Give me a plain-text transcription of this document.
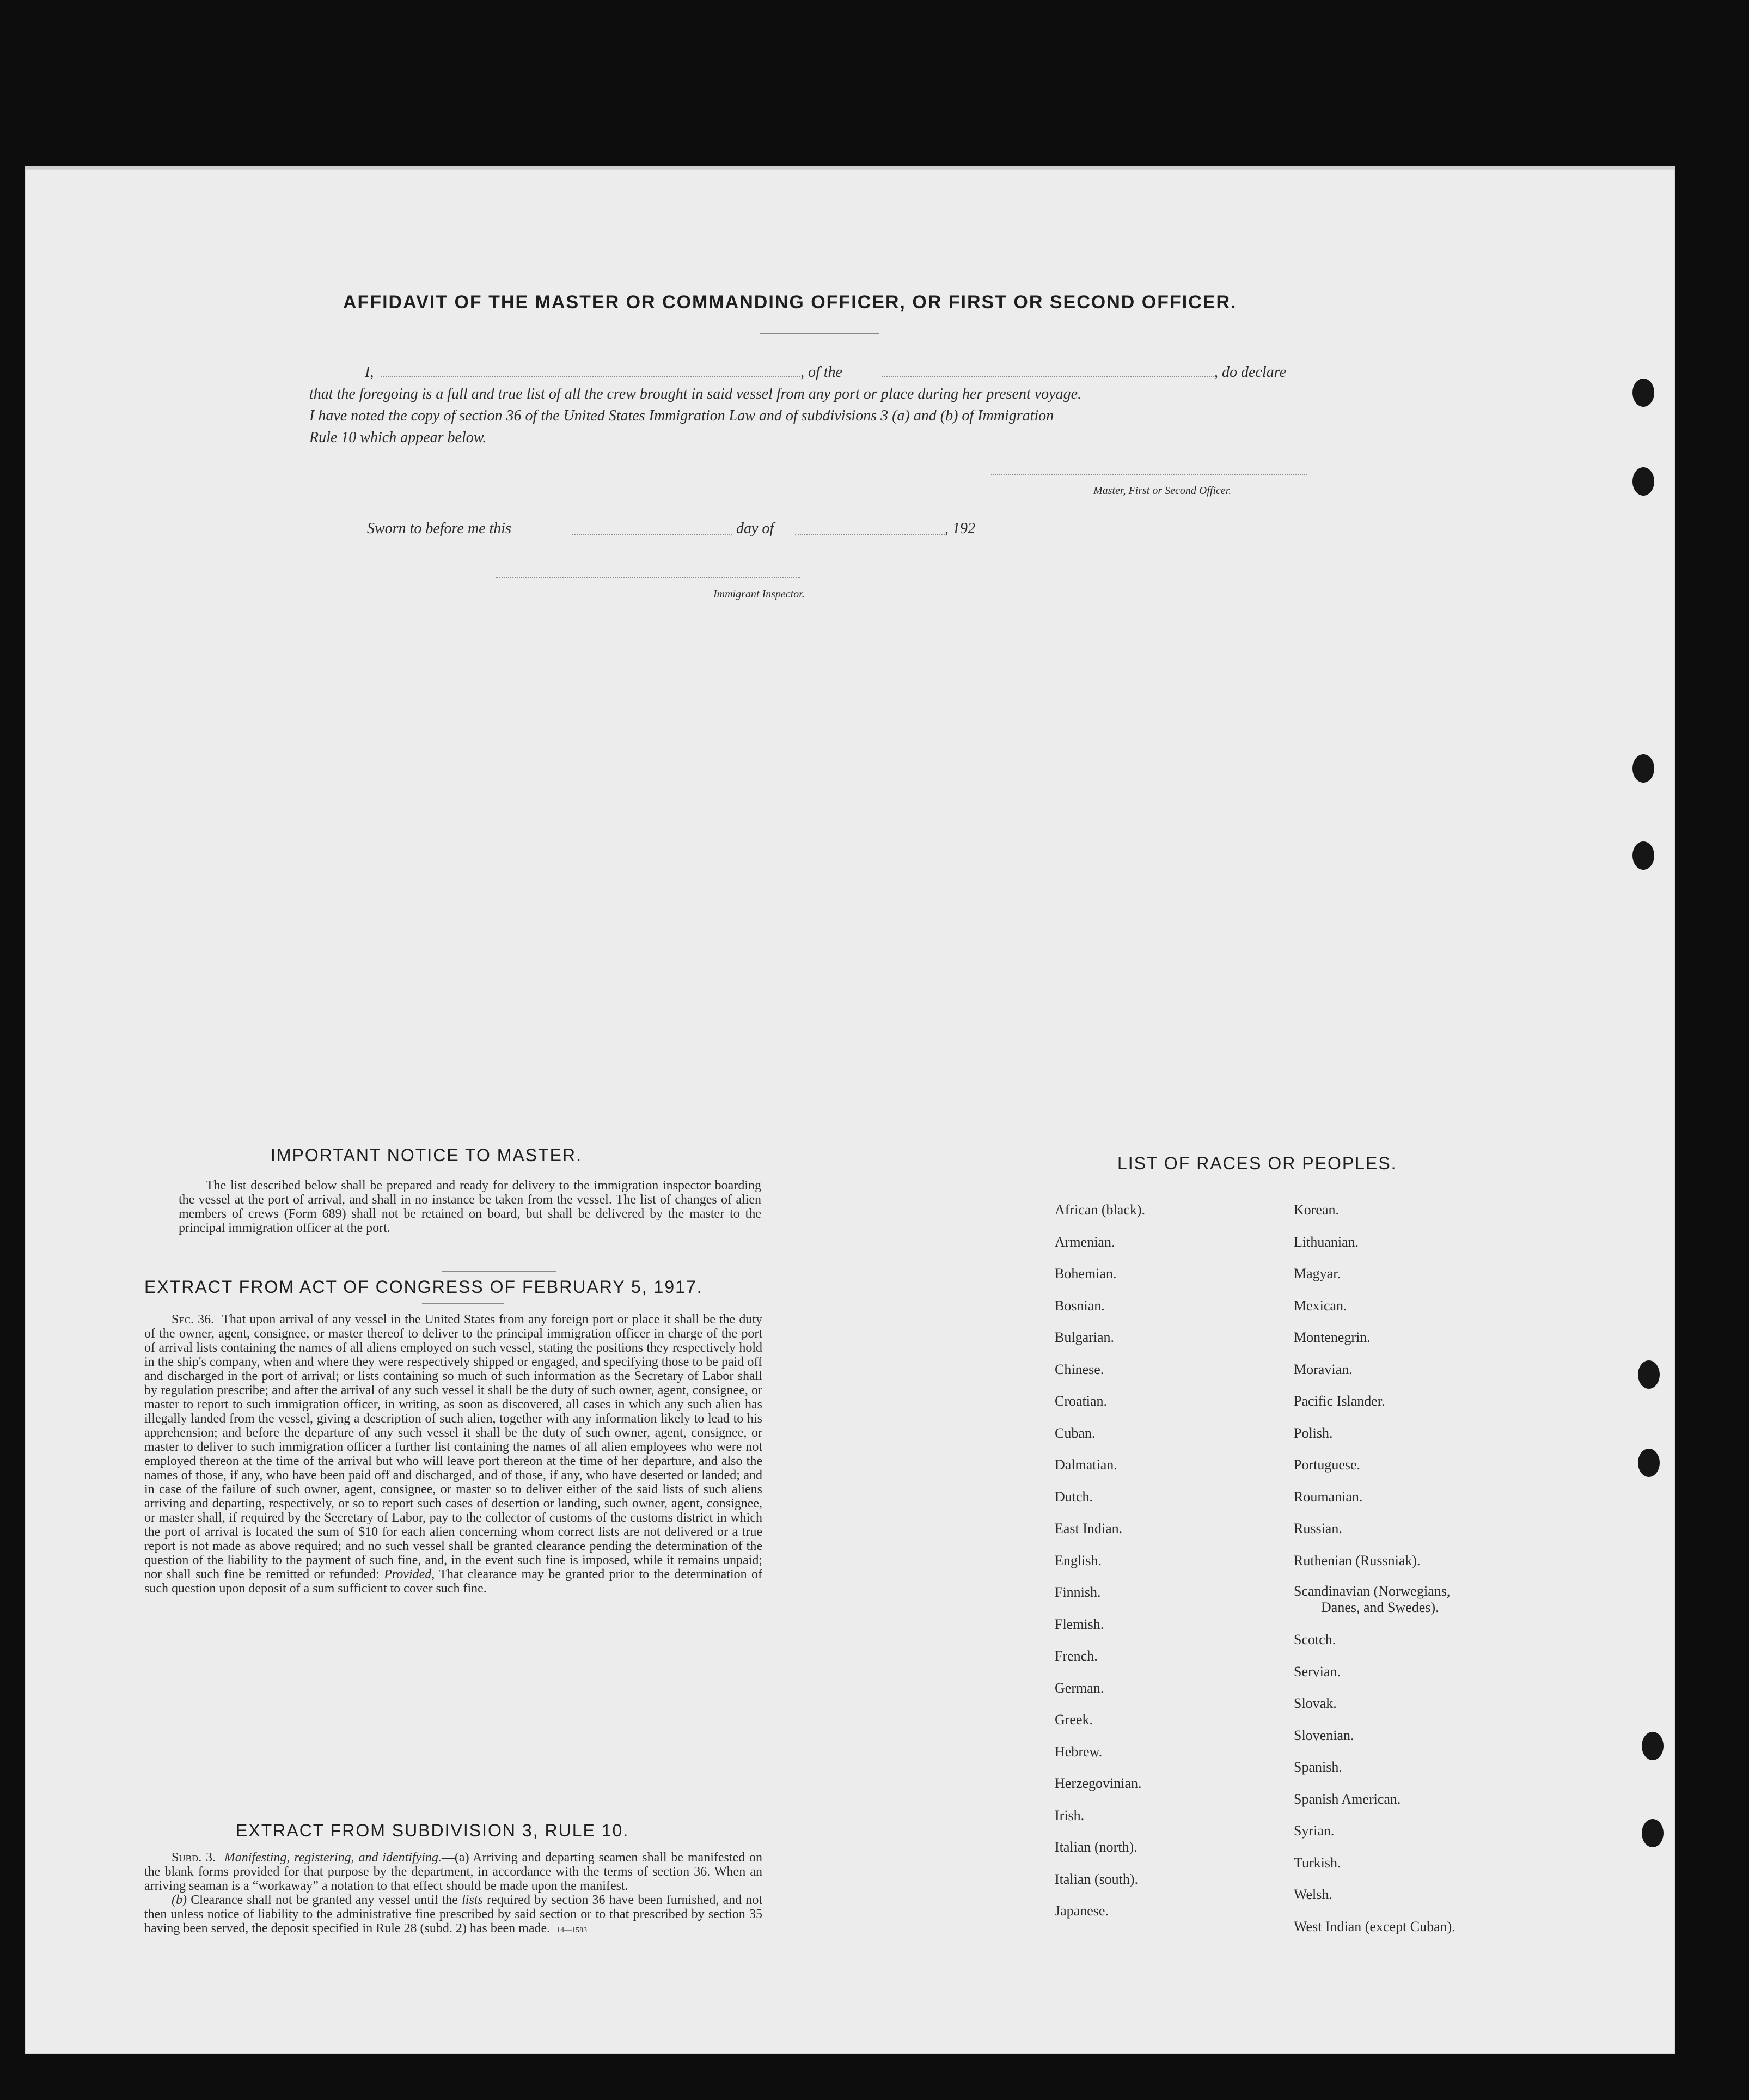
AFFIDAVIT OF THE MASTER OR COMMANDING OFFICER, OR FIRST OR SECOND OFFICER.
I,	, of the	, do declare
that the foregoing is a full and true list of all the crew brought in said vessel from any port or place during her present voyage.
I have noted the copy of section 36 of the United States Immigration Law and of subdivisions 3 (a) and (b) of Immigration
Rule 10 which appear below.
Master, First or Second Officer.
Sworn to before me this	day of	, 192
Immigrant Inspector.
IMPORTANT NOTICE TO MASTER.

The list described below shall be prepared and ready for delivery to the immigration inspector boarding the vessel at the port of arrival, and shall in no instance be taken from the vessel. The list of changes of alien members of crews (Form 689) shall not be retained on board, but shall be delivered by the master to the principal immigration officer at the port.

EXTRACT FROM ACT OF CONGRESS OF FEBRUARY 5, 1917.

Sec. 36. That upon arrival of any vessel in the United States from any foreign port or place it shall be the duty of the owner, agent, consignee, or master thereof to deliver to the principal immigration officer in charge of the port of arrival lists containing the names of all aliens employed on such vessel, stating the positions they respectively hold in the ship's company, when and where they were respectively shipped or engaged, and specifying those to be paid off and discharged in the port of arrival; or lists containing so much of such information as the Secretary of Labor shall by regulation prescribe; and after the arrival of any such vessel it shall be the duty of such owner, agent, consignee, or master to report to such immigration officer, in writing, as soon as discovered, all cases in which any such alien has illegally landed from the vessel, giving a description of such alien, together with any information likely to lead to his apprehension; and before the departure of any such vessel it shall be the duty of such owner, agent, consignee, or master to deliver to such immigration officer a further list containing the names of all alien employees who were not employed thereon at the time of the arrival but who will leave port thereon at the time of her departure, and also the names of those, if any, who have been paid off and discharged, and of those, if any, who have deserted or landed; and in case of the failure of such owner, agent, consignee, or master so to deliver either of the said lists of such aliens arriving and departing, respectively, or so to report such cases of desertion or landing, such owner, agent, consignee, or master shall, if required by the Secretary of Labor, pay to the collector of customs of the customs district in which the port of arrival is located the sum of $10 for each alien concerning whom correct lists are not delivered or a true report is not made as above required; and no such vessel shall be granted clearance pending the determination of the question of the liability to the payment of such fine, and, in the event such fine is imposed, while it remains unpaid; nor shall such fine be remitted or refunded: Provided, That clearance may be granted prior to the determination of such question upon deposit of a sum sufficient to cover such fine.

EXTRACT FROM SUBDIVISION 3, RULE 10.

Subd. 3. Manifesting, registering, and identifying.—(a) Arriving and departing seamen shall be manifested on the blank forms provided for that purpose by the department, in accordance with the terms of section 36. When an arriving seaman is a “workaway” a notation to that effect should be made upon the manifest.

(b) Clearance shall not be granted any vessel until the lists required by section 36 have been furnished, and not then unless notice of liability to the administrative fine prescribed by said section or to that prescribed by section 35 having been served, the deposit specified in Rule 28 (subd. 2) has been made. 14—1583

LIST OF RACES OR PEOPLES.
African (black).
Armenian.
Bohemian.
Bosnian.
Bulgarian.
Chinese.
Croatian.
Cuban.
Dalmatian.
Dutch.
East Indian.
English.
Finnish.
Flemish.
French.
German.
Greek.
Hebrew.
Herzegovinian.
Irish.
Italian (north).
Italian (south).
Japanese.
Korean.
Lithuanian.
Magyar.
Mexican.
Montenegrin.
Moravian.
Pacific Islander.
Polish.
Portuguese.
Roumanian.
Russian.
Ruthenian (Russniak).
Scandinavian (Norwegians,
Danes, and Swedes).
Scotch.
Servian.
Slovak.
Slovenian.
Spanish.
Spanish American.
Syrian.
Turkish.
Welsh.
West Indian (except Cuban).
